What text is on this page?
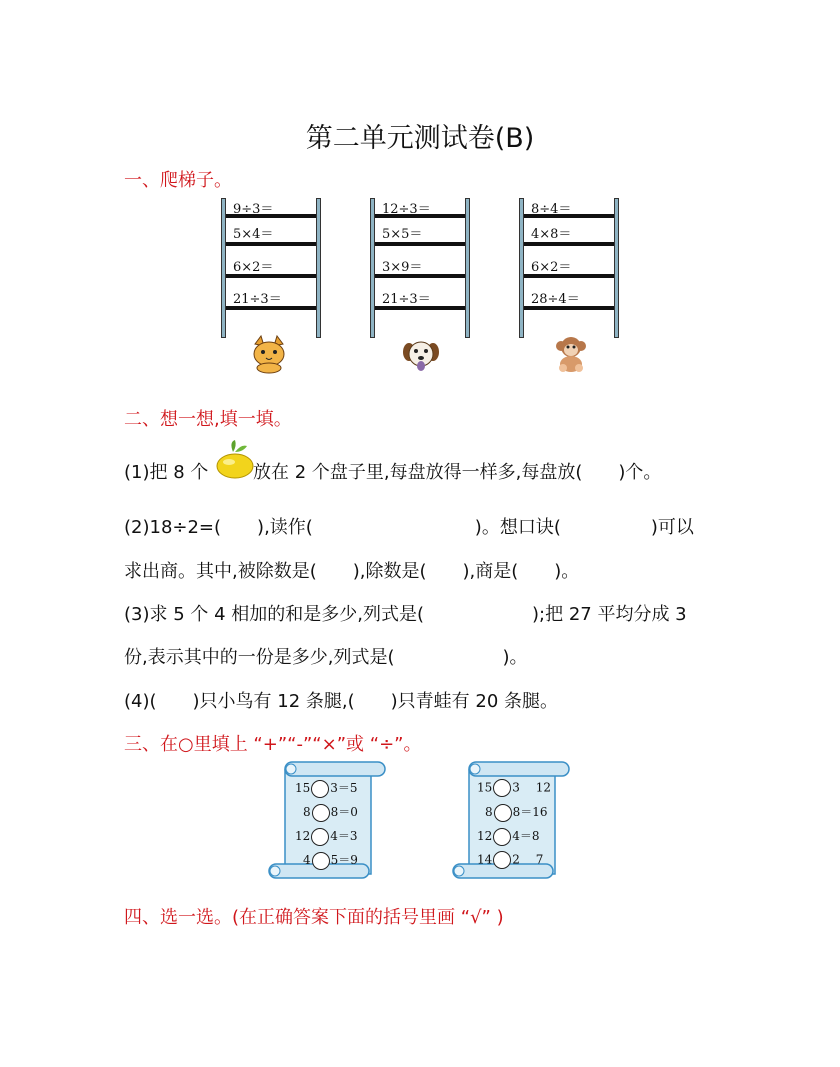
第二单元测试卷(B)
一、爬梯子。
9÷3＝
5×4＝
6×2＝
21÷3＝
12÷3＝
5×5＝
3×9＝
21÷3＝
8÷4＝
4×8＝
6×2＝
28÷4＝
二、想一想,填一填。
(1)把 8 个 放在 2 个盘子里,每盘放得一样多,每盘放(  )个。
(2)18÷2=(  ),读作(         )。想口诀(     )可以
求出商。其中,被除数是(  ),除数是(  ),商是(  )。
(3)求 5 个 4 相加的和是多少,列式是(      );把 27 平均分成 3
份,表示其中的一份是多少,列式是(      )。
(4)(  )只小鸟有 12 条腿,(  )只青蛙有 20 条腿。
三、在○里填上 “+”“-”“×”或 “÷”。
15 3＝5
8 8＝0
12 4＝3
4 5＝9
15 3  12
8 8＝16
12 4＝8
14 2  7
四、选一选。(在正确答案下面的括号里画 “√” )
